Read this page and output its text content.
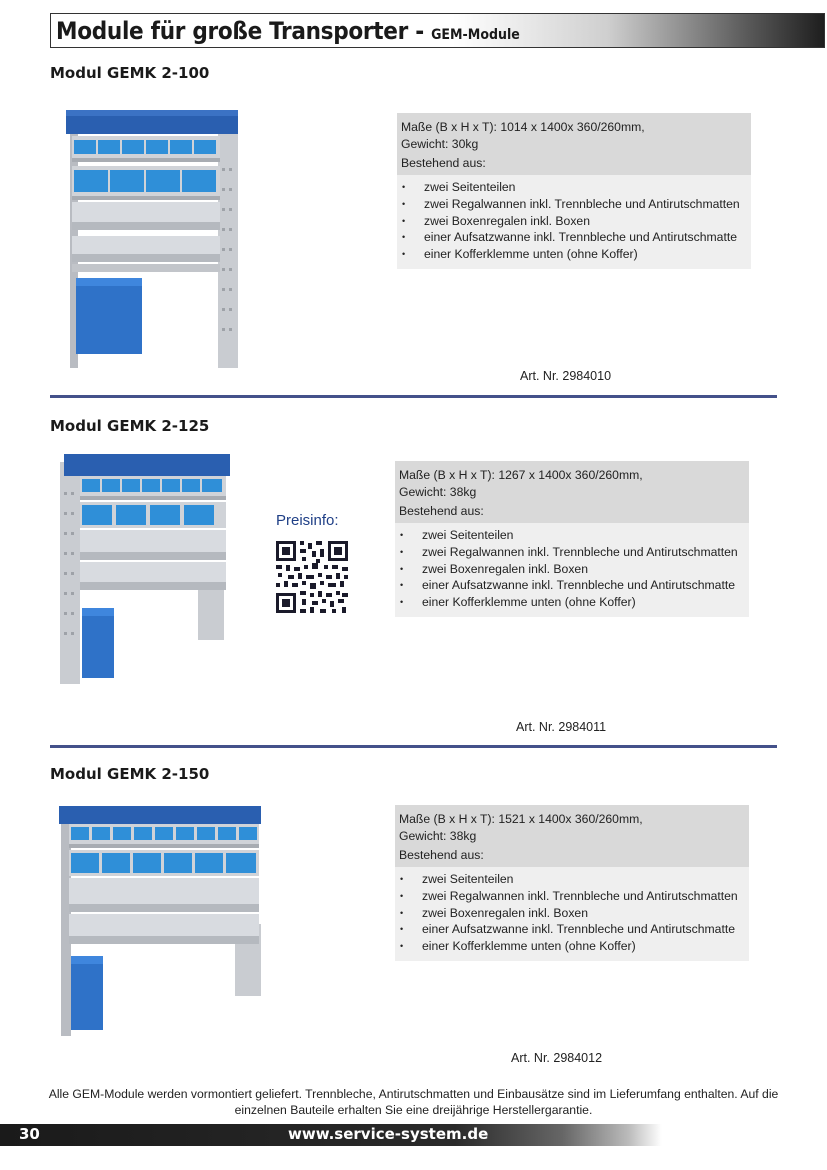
Module für große Transporter - GEM-Module
Modul GEMK 2-100
Maße (B x H x T): 1014 x 1400x 360/260mm,
Gewicht: 30kg
Bestehend aus:
• zwei Seitenteilen
• zwei Regalwannen inkl. Trennbleche und Antirutschmatten
• zwei Boxenregalen inkl. Boxen
• einer Aufsatzwanne inkl. Trennbleche und Antirutschmatte
• einer Kofferklemme unten (ohne Koffer)
Art. Nr. 2984010
Modul GEMK 2-125
Preisinfo:
Maße (B x H x T): 1267 x 1400x 360/260mm,
Gewicht: 38kg
Bestehend aus:
• zwei Seitenteilen
• zwei Regalwannen inkl. Trennbleche und Antirutschmatten
• zwei Boxenregalen inkl. Boxen
• einer Aufsatzwanne inkl. Trennbleche und Antirutschmatte
• einer Kofferklemme unten (ohne Koffer)
Art. Nr. 2984011
Modul GEMK 2-150
Maße (B x H x T): 1521 x 1400x 360/260mm,
Gewicht: 38kg
Bestehend aus:
• zwei Seitenteilen
• zwei Regalwannen inkl. Trennbleche und Antirutschmatten
• zwei Boxenregalen inkl. Boxen
• einer Aufsatzwanne inkl. Trennbleche und Antirutschmatte
• einer Kofferklemme unten (ohne Koffer)
Art. Nr. 2984012
Alle GEM-Module werden vormontiert geliefert. Trennbleche, Antirutschmatten und Einbausätze sind im Lieferumfang enthalten. Auf die einzelnen Bauteile erhalten Sie eine dreijährige Herstellergarantie.
30	www.service-system.de
